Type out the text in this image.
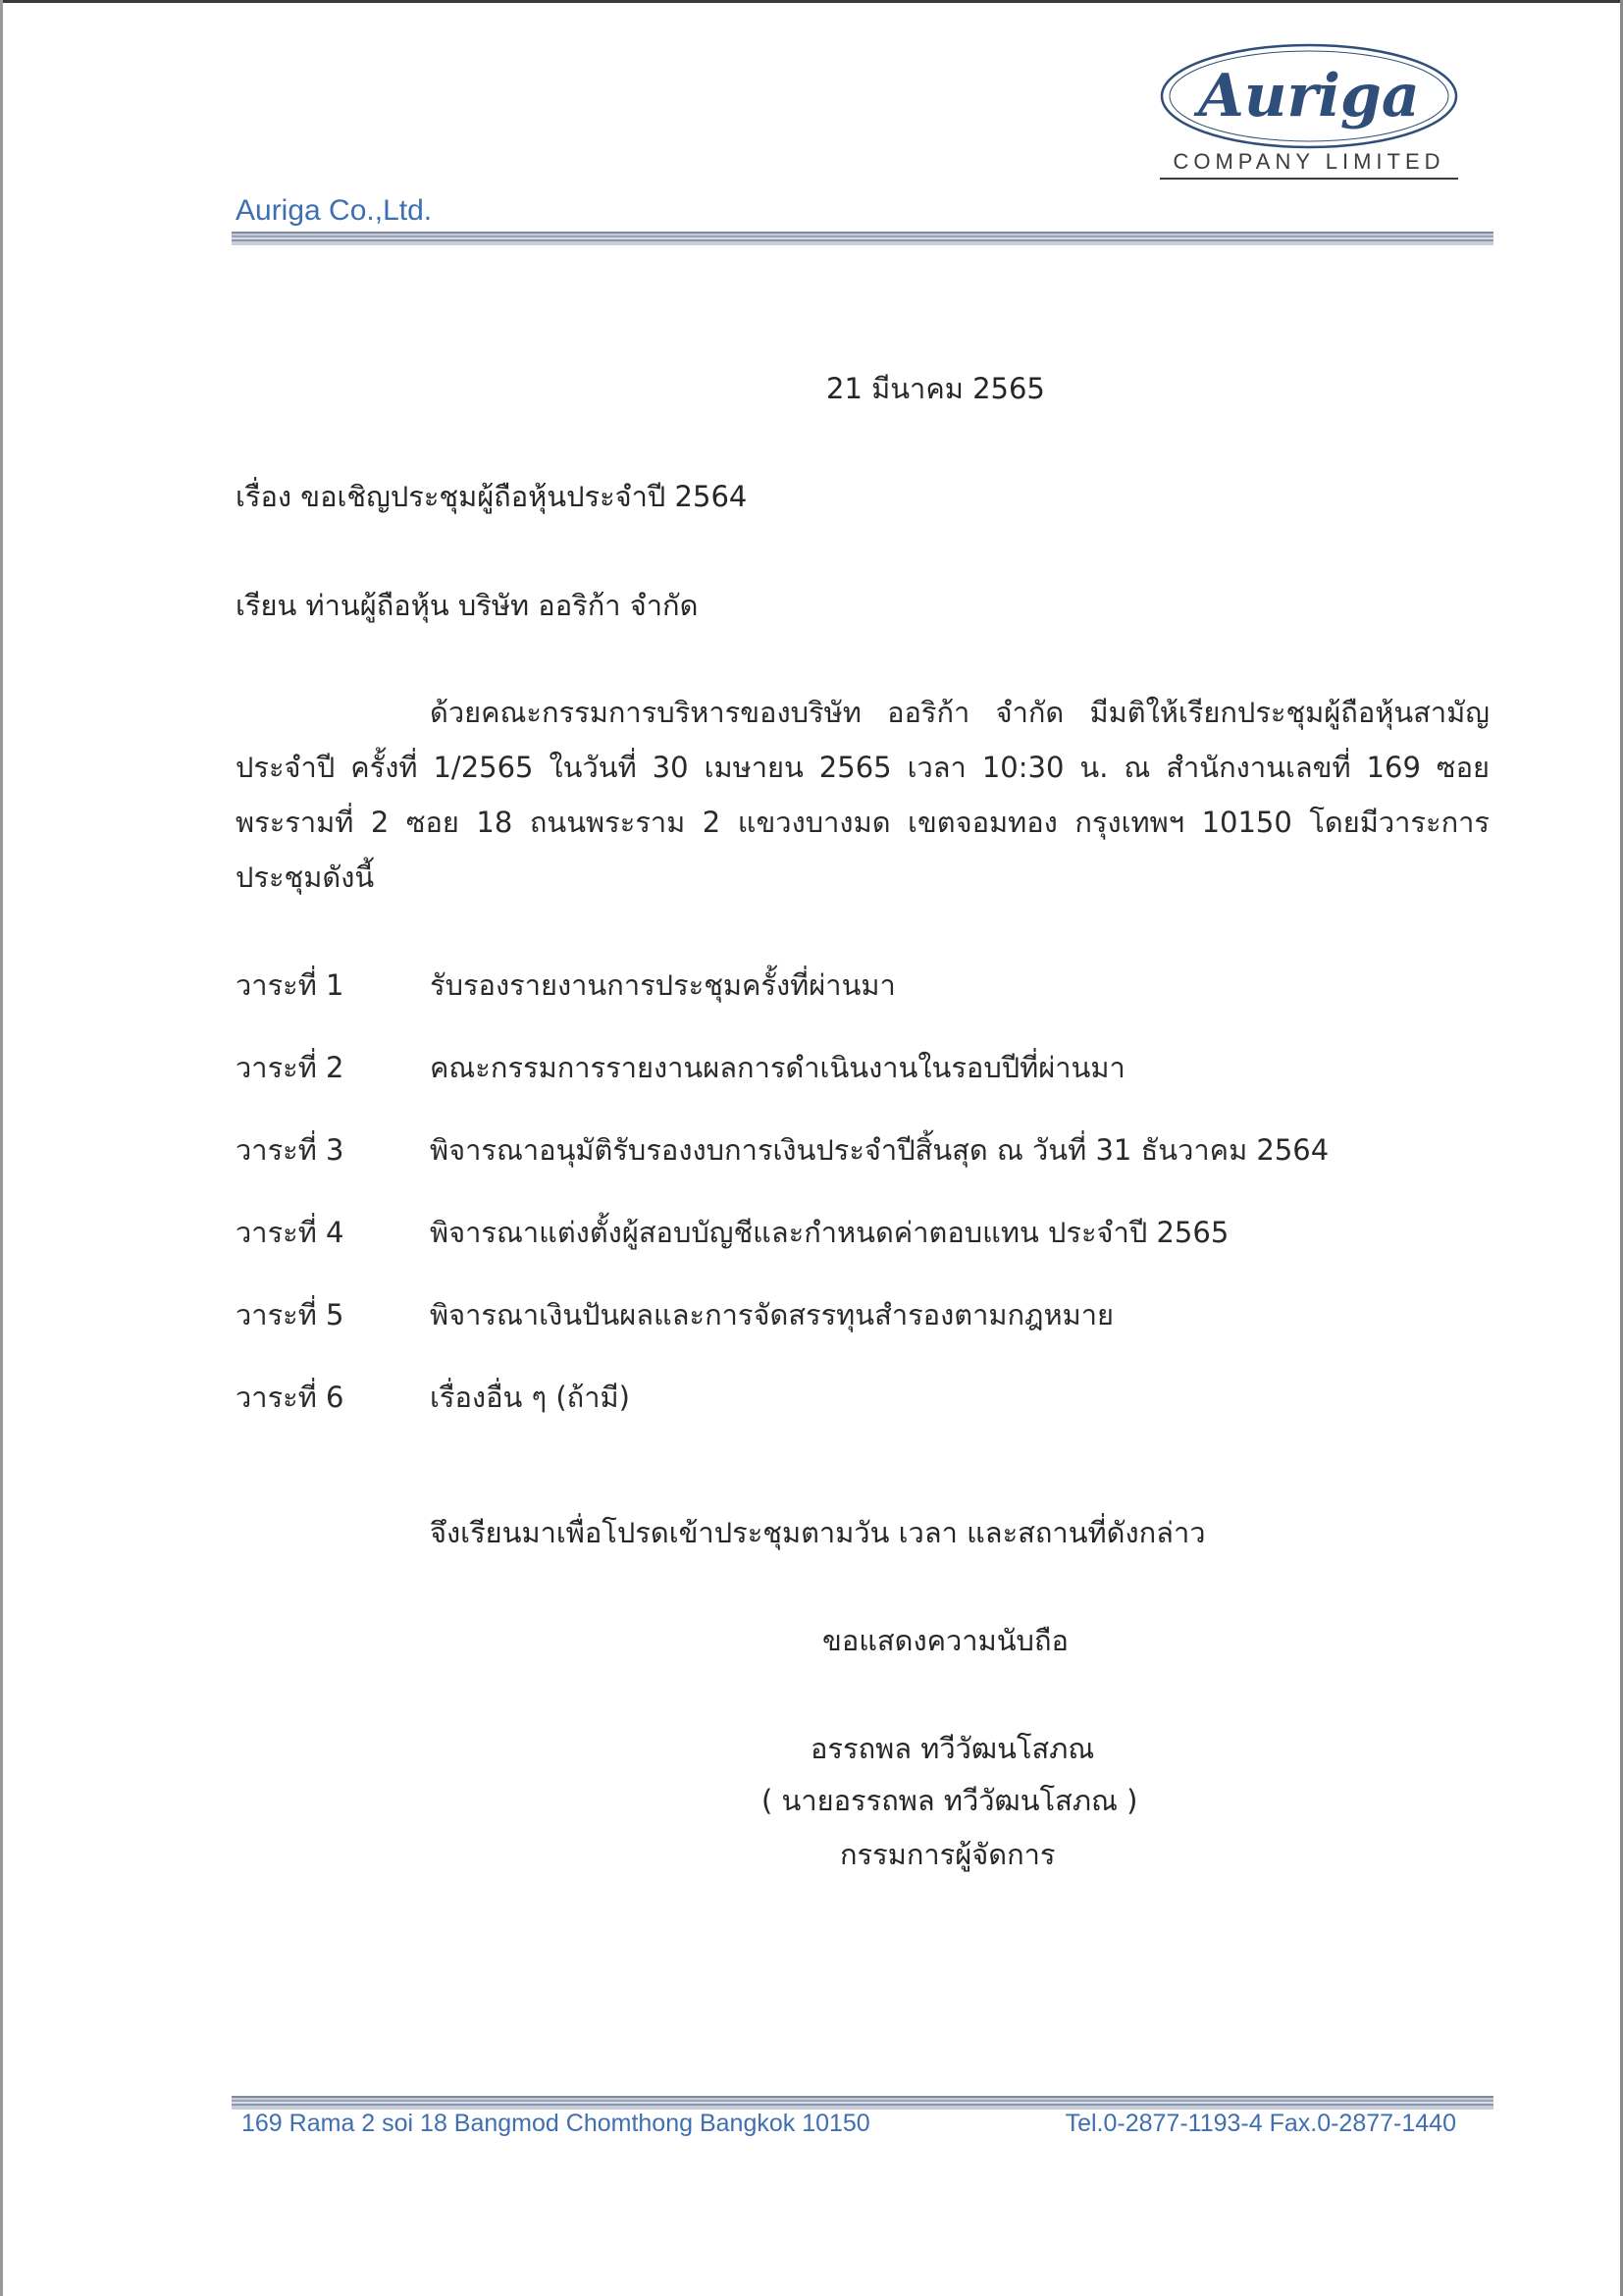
Auriga
COMPANY LIMITED
Auriga Co.,Ltd.
21 มีนาคม 2565
เรื่อง ขอเชิญประชุมผู้ถือหุ้นประจำปี 2564
เรียน ท่านผู้ถือหุ้น บริษัท ออริก้า จำกัด
ด้วยคณะกรรมการบริหารของบริษัท ออริก้า จำกัด มีมติให้เรียกประชุมผู้ถือหุ้นสามัญ
ประจำปี ครั้งที่ 1/2565 ในวันที่ 30 เมษายน 2565 เวลา 10:30 น. ณ สำนักงานเลขที่ 169 ซอย
พระรามที่ 2 ซอย 18 ถนนพระราม 2 แขวงบางมด เขตจอมทอง กรุงเทพฯ 10150 โดยมีวาระการ
ประชุมดังนี้
วาระที่ 1	รับรองรายงานการประชุมครั้งที่ผ่านมา
วาระที่ 2	คณะกรรมการรายงานผลการดำเนินงานในรอบปีที่ผ่านมา
วาระที่ 3	พิจารณาอนุมัติรับรองงบการเงินประจำปีสิ้นสุด ณ วันที่ 31 ธันวาคม 2564
วาระที่ 4	พิจารณาแต่งตั้งผู้สอบบัญชีและกำหนดค่าตอบแทน ประจำปี 2565
วาระที่ 5	พิจารณาเงินปันผลและการจัดสรรทุนสำรองตามกฎหมาย
วาระที่ 6	เรื่องอื่น ๆ (ถ้ามี)
จึงเรียนมาเพื่อโปรดเข้าประชุมตามวัน เวลา และสถานที่ดังกล่าว
ขอแสดงความนับถือ
อรรถพล ทวีวัฒนโสภณ
( นายอรรถพล ทวีวัฒนโสภณ )
กรรมการผู้จัดการ
169 Rama 2 soi 18 Bangmod Chomthong Bangkok 10150	Tel.0-2877-1193-4 Fax.0-2877-1440
